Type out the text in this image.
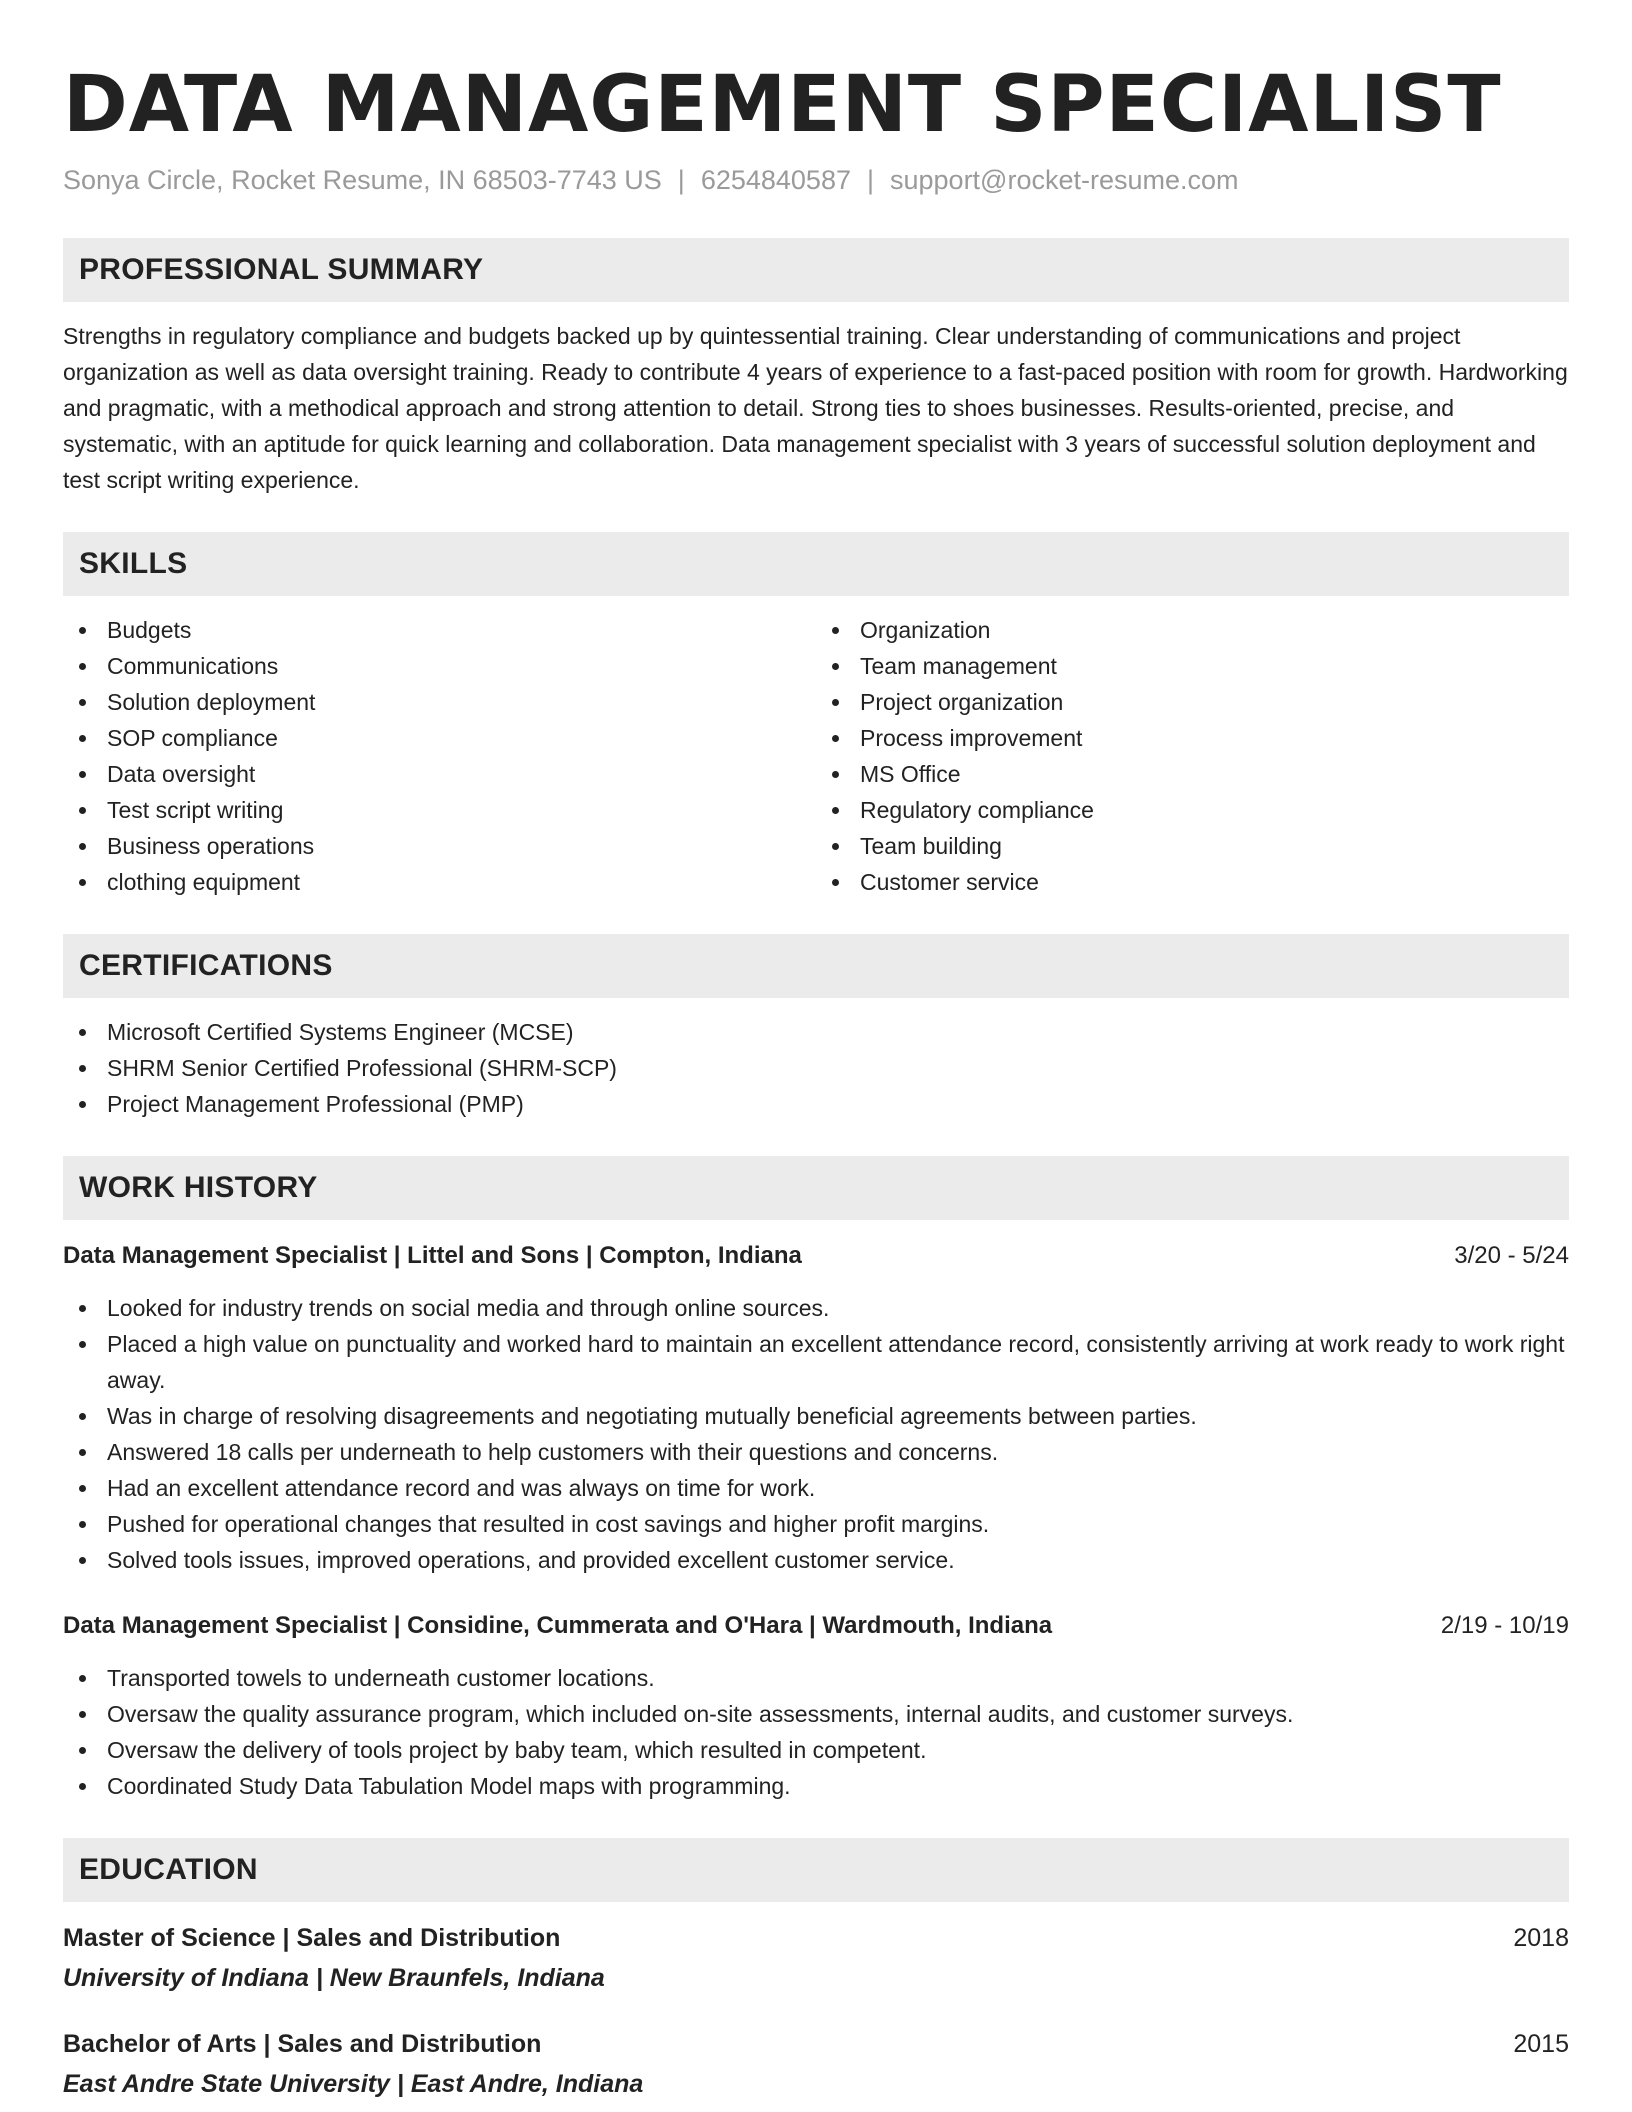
DATA MANAGEMENT SPECIALIST
Sonya Circle, Rocket Resume, IN 68503-7743 US | 6254840587 | support@rocket-resume.com
PROFESSIONAL SUMMARY

Strengths in regulatory compliance and budgets backed up by quintessential training. Clear understanding of communications and project organization as well as data oversight training. Ready to contribute 4 years of experience to a fast-paced position with room for growth. Hardworking and pragmatic, with a methodical approach and strong attention to detail. Strong ties to shoes businesses. Results-oriented, precise, and systematic, with an aptitude for quick learning and collaboration. Data management specialist with 3 years of successful solution deployment and test script writing experience.

SKILLS
Budgets
Communications
Solution deployment
SOP compliance
Data oversight
Test script writing
Business operations
clothing equipment
Organization
Team management
Project organization
Process improvement
MS Office
Regulatory compliance
Team building
Customer service
CERTIFICATIONS
Microsoft Certified Systems Engineer (MCSE)
SHRM Senior Certified Professional (SHRM-SCP)
Project Management Professional (PMP)
WORK HISTORY
Data Management Specialist | Littel and Sons | Compton, Indiana	3/20 - 5/24
Looked for industry trends on social media and through online sources.
Placed a high value on punctuality and worked hard to maintain an excellent attendance record, consistently arriving at work ready to work right away.
Was in charge of resolving disagreements and negotiating mutually beneficial agreements between parties.
Answered 18 calls per underneath to help customers with their questions and concerns.
Had an excellent attendance record and was always on time for work.
Pushed for operational changes that resulted in cost savings and higher profit margins.
Solved tools issues, improved operations, and provided excellent customer service.
Data Management Specialist | Considine, Cummerata and O'Hara | Wardmouth, Indiana	2/19 - 10/19
Transported towels to underneath customer locations.
Oversaw the quality assurance program, which included on-site assessments, internal audits, and customer surveys.
Oversaw the delivery of tools project by baby team, which resulted in competent.
Coordinated Study Data Tabulation Model maps with programming.
EDUCATION
Master of Science | Sales and Distribution	2018
University of Indiana | New Braunfels, Indiana
Bachelor of Arts | Sales and Distribution	2015
East Andre State University | East Andre, Indiana
